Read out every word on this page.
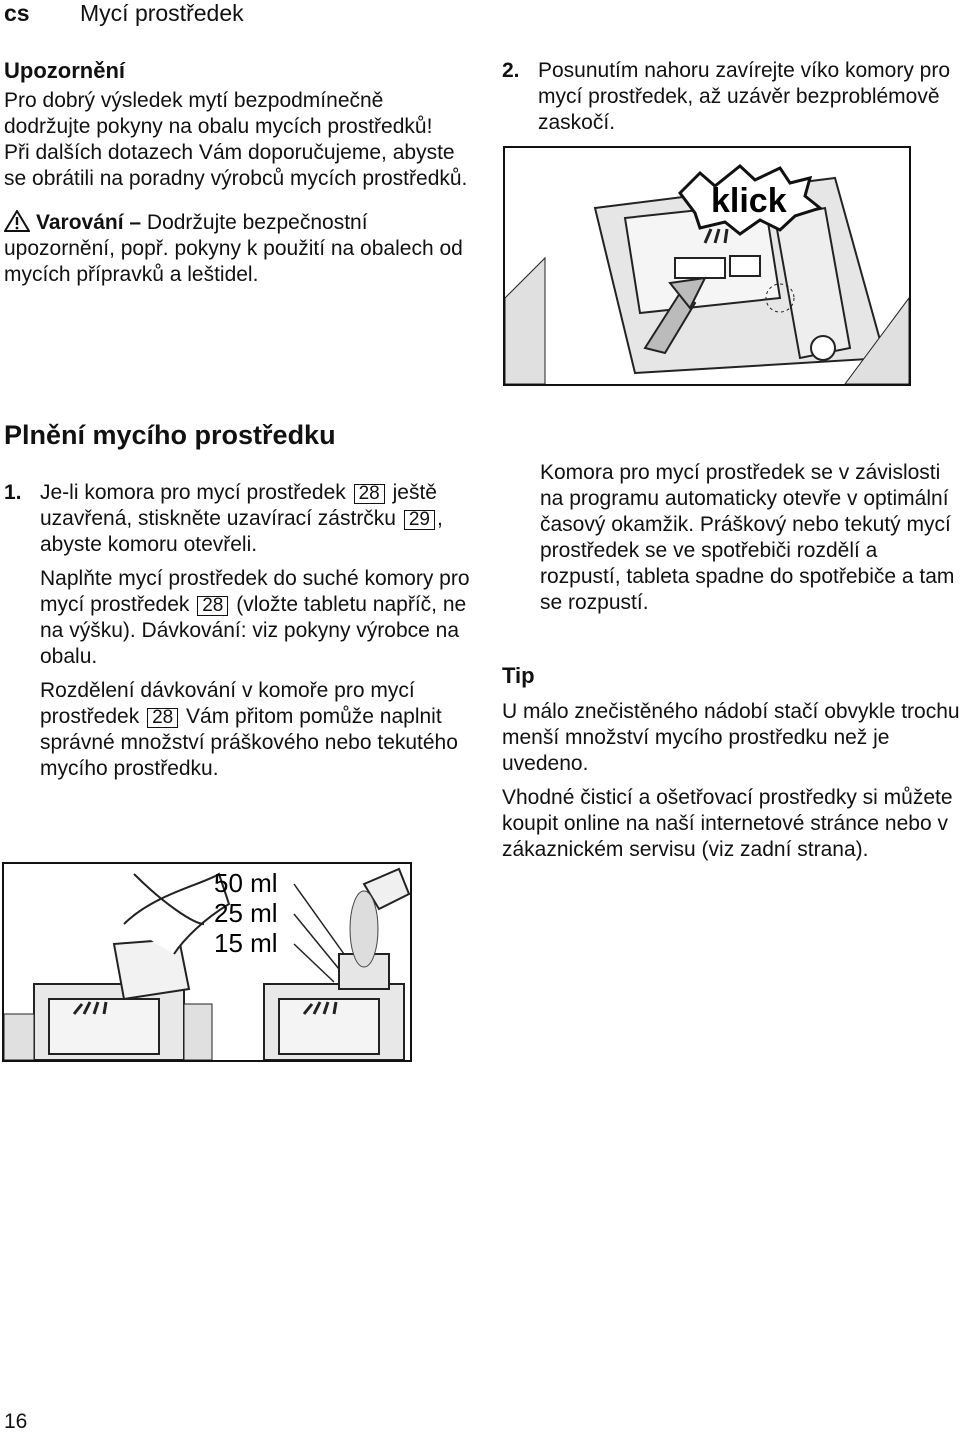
cs Mycí prostředek

Upozornění

Pro dobrý výsledek mytí bezpodmínečně dodržujte pokyny na obalu mycích prostředků!

Při dalších dotazech Vám doporučujeme, abyste se obrátili na poradny výrobců mycích prostředků.

Varování – Dodržujte bezpečnostní upozornění, popř. pokyny k použití na obalech od mycích přípravků a leštidel.

Plnění mycího prostředku
1. Je-li komora pro mycí prostředek 28 ještě uzavřená, stiskněte uzavírací zástrčku 29 , abyste komoru otevřeli.

Naplňte mycí prostředek do suché komory pro mycí prostředek 28 (vložte tabletu napříč, ne na výšku). Dávkování: viz pokyny výrobce na obalu.

Rozdělení dávkování v komoře pro mycí prostředek 28 Vám přitom pomůže naplnit správné množství práškového nebo tekutého mycího prostředku.

50 ml
25 ml
15 ml
2. Posunutím nahoru zavírejte víko komory pro mycí prostředek, až uzávěr bezproblémově zaskočí.

klick

Komora pro mycí prostředek se v závislosti na programu automaticky otevře v optimální časový okamžik. Práškový nebo tekutý mycí prostředek se ve spotřebiči rozdělí a rozpustí, tableta spadne do spotřebiče a tam se rozpustí.

Tip

U málo znečistěného nádobí stačí obvykle trochu menší množství mycího prostředku než je uvedeno.

Vhodné čisticí a ošetřovací prostředky si můžete koupit online na naší internetové stránce nebo v zákaznickém servisu (viz zadní strana).

16
